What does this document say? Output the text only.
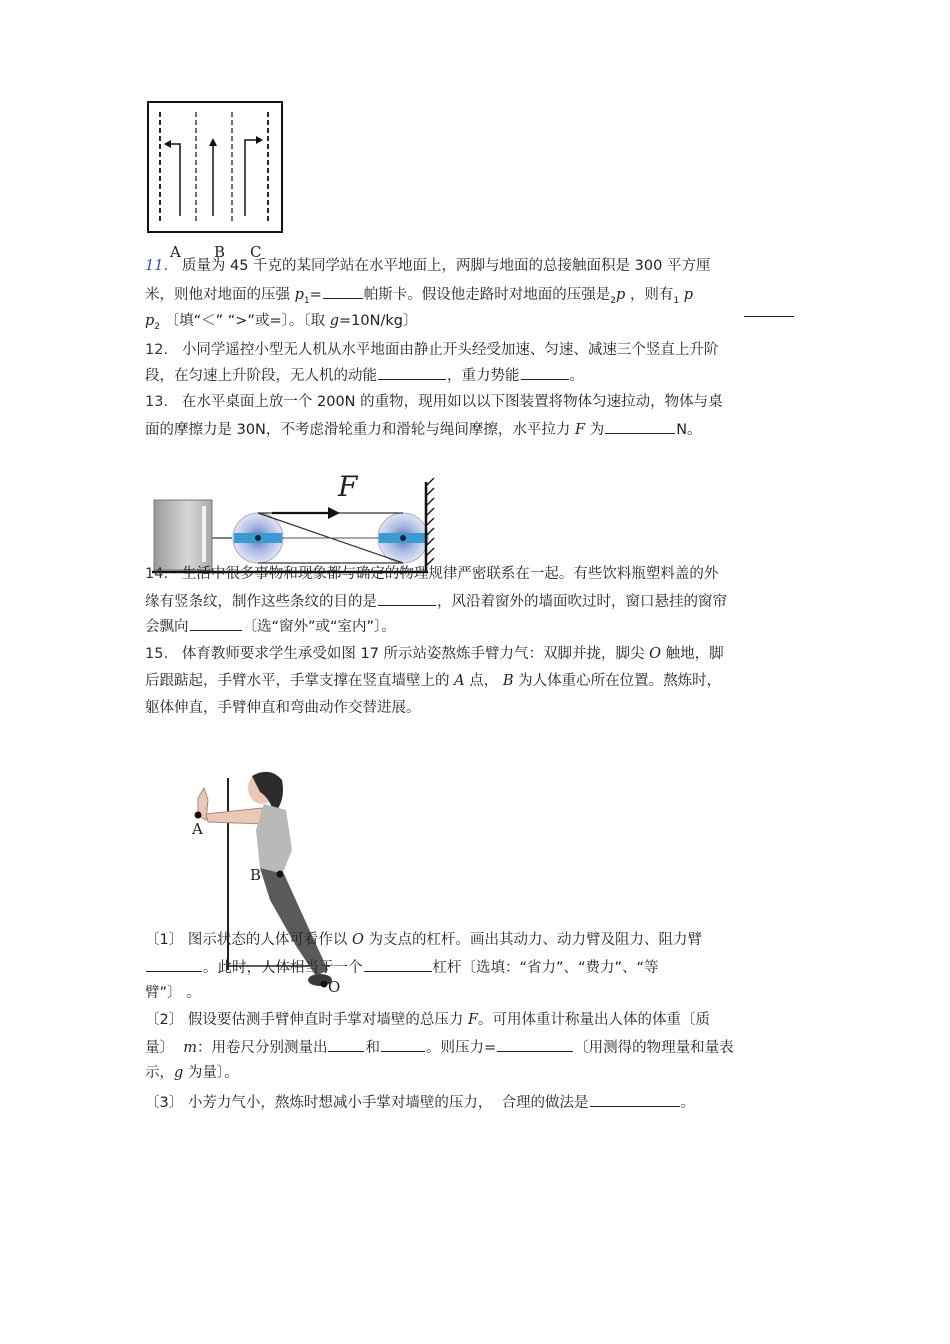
A B C
11. 质量为 45 千克的某同学站在水平地面上，两脚与地面的总接触面积是 300 平方厘
米，则他对地面的压强 $p_1=$	帕斯卡。假设他走路时对地面的压强是$_2$p ，则有$_1$ p
$p_2$ 〔填“＜” “>”或=〕。〔取 g=10N/kg〕
12. 小同学遥控小型无人机从水平地面由静止开头经受加速、匀速、减速三个竖直上升阶
段，在匀速上升阶段，无人机的动能	，重力势能	。
13. 在水平桌面上放一个 200N 的重物，现用如以以下图装置将物体匀速拉动，物体与桌
面的摩擦力是 30N，不考虑滑轮重力和滑轮与绳间摩擦，水平拉力 F 为	N。
F
14. 生活中很多事物和现象都与确定的物理规律严密联系在一起。有些饮料瓶塑料盖的外
缘有竖条纹，制作这些条纹的目的是	，风沿着窗外的墙面吹过时，窗口悬挂的窗帘
会飘向	〔选“窗外”或“室内”〕。
15. 体育教师要求学生承受如图 17 所示站姿熬炼手臂力气：双脚并拢，脚尖 O 触地，脚
后跟踮起，手臂水平，手掌支撑在竖直墙壁上的 A 点， B 为人体重心所在位置。熬炼时，
躯体伸直，手臂伸直和弯曲动作交替进展。
A
B
O
〔1〕 图示状态的人体可看作以 O 为支点的杠杆。画出其动力、动力臂及阻力、阻力臂
。此时，人体相当于一个	杠杆〔选填：“省力”、“费力”、“等
臂”〕 。
〔2〕 假设要估测手臂伸直时手掌对墙壁的总压力 F。可用体重计称量出人体的体重〔质
量〕 m：用卷尺分别测量出	和	。则压力=	〔用测得的物理量和量表
示，g 为量〕。
〔3〕 小芳力气小，熬炼时想减小手掌对墙壁的压力， 合理的做法是	。
